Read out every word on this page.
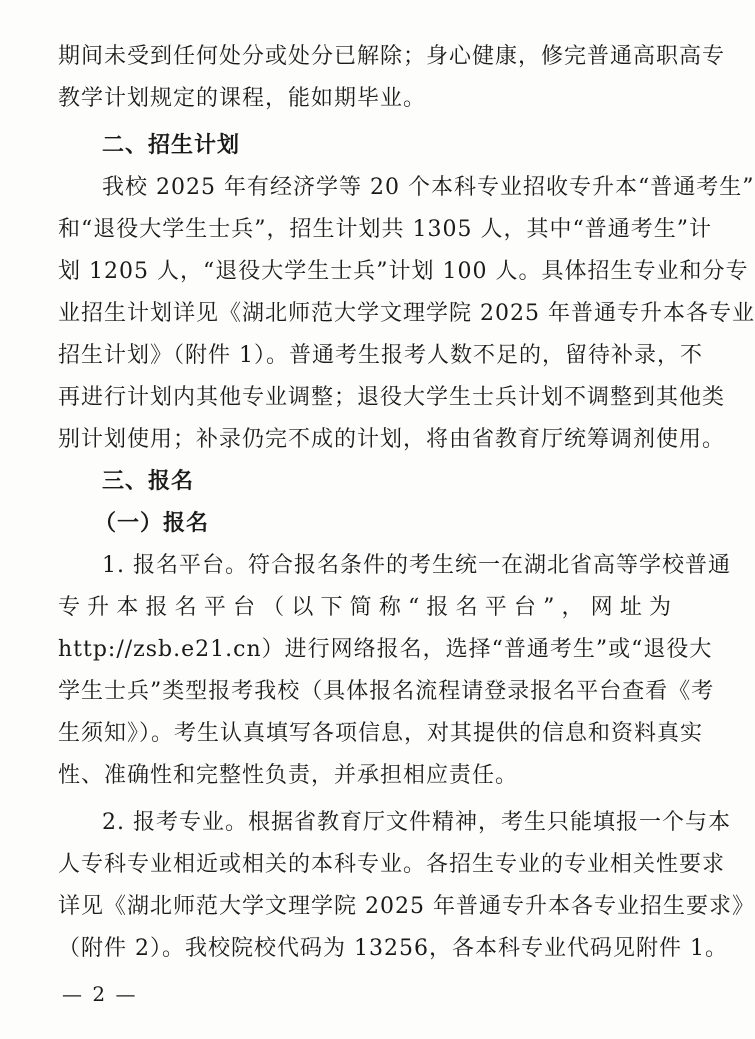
期间未受到任何处分或处分已解除；身心健康，修完普通高职高专
教学计划规定的课程，能如期毕业。
二、招生计划
我校 2025 年有经济学等 20 个本科专业招收专升本“普通考生”
和“退役大学生士兵”，招生计划共 1305 人，其中“普通考生”计
划 1205 人，“退役大学生士兵”计划 100 人。具体招生专业和分专
业招生计划详见《湖北师范大学文理学院 2025 年普通专升本各专业
招生计划》（附件 1）。普通考生报考人数不足的，留待补录，不
再进行计划内其他专业调整；退役大学生士兵计划不调整到其他类
别计划使用；补录仍完不成的计划，将由省教育厅统筹调剂使用。
三、报名
（一）报名
1. 报名平台。符合报名条件的考生统一在湖北省高等学校普通
专升本报名平台（以下简称“报名平台”，网址为
http://zsb.e21.cn）进行网络报名，选择“普通考生”或“退役大
学生士兵”类型报考我校（具体报名流程请登录报名平台查看《考
生须知》）。考生认真填写各项信息，对其提供的信息和资料真实
性、准确性和完整性负责，并承担相应责任。
2. 报考专业。根据省教育厅文件精神，考生只能填报一个与本
人专科专业相近或相关的本科专业。各招生专业的专业相关性要求
详见《湖北师范大学文理学院 2025 年普通专升本各专业招生要求》
（附件 2）。我校院校代码为 13256，各本科专业代码见附件 1。
— 2 —
